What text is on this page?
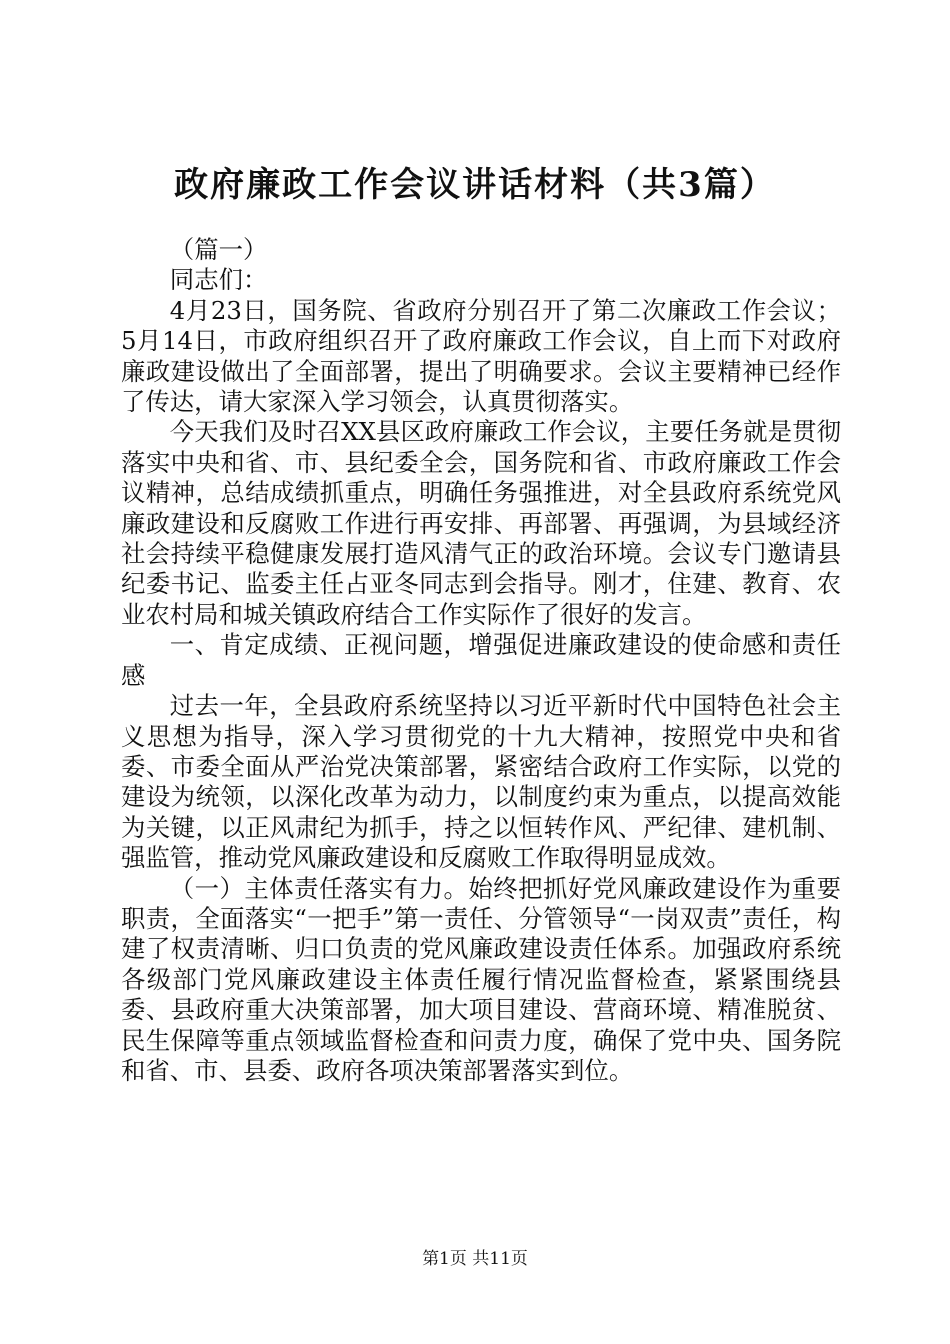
政府廉政工作会议讲话材料（共3篇）

（篇一）

同志们：

4月23日，国务院、省政府分别召开了第二次廉政工作会议；5月14日，市政府组织召开了政府廉政工作会议，自上而下对政府廉政建设做出了全面部署，提出了明确要求。会议主要精神已经作了传达，请大家深入学习领会，认真贯彻落实。

今天我们及时召XX县区政府廉政工作会议，主要任务就是贯彻落实中央和省、市、县纪委全会，国务院和省、市政府廉政工作会议精神，总结成绩抓重点，明确任务强推进，对全县政府系统党风廉政建设和反腐败工作进行再安排、再部署、再强调，为县域经济社会持续平稳健康发展打造风清气正的政治环境。会议专门邀请县纪委书记、监委主任占亚冬同志到会指导。刚才，住建、教育、农业农村局和城关镇政府结合工作实际作了很好的发言。

一、肯定成绩、正视问题，增强促进廉政建设的使命感和责任感

过去一年，全县政府系统坚持以习近平新时代中国特色社会主义思想为指导，深入学习贯彻党的十九大精神，按照党中央和省委、市委全面从严治党决策部署，紧密结合政府工作实际，以党的建设为统领，以深化改革为动力，以制度约束为重点，以提高效能为关键，以正风肃纪为抓手，持之以恒转作风、严纪律、建机制、强监管，推动党风廉政建设和反腐败工作取得明显成效。

（一）主体责任落实有力。始终把抓好党风廉政建设作为重要职责，全面落实“一把手”第一责任、分管领导“一岗双责”责任，构建了权责清晰、归口负责的党风廉政建设责任体系。加强政府系统各级部门党风廉政建设主体责任履行情况监督检查，紧紧围绕县委、县政府重大决策部署，加大项目建设、营商环境、精准脱贫、民生保障等重点领域监督检查和问责力度，确保了党中央、国务院和省、市、县委、政府各项决策部署落实到位。

第1页 共11页
